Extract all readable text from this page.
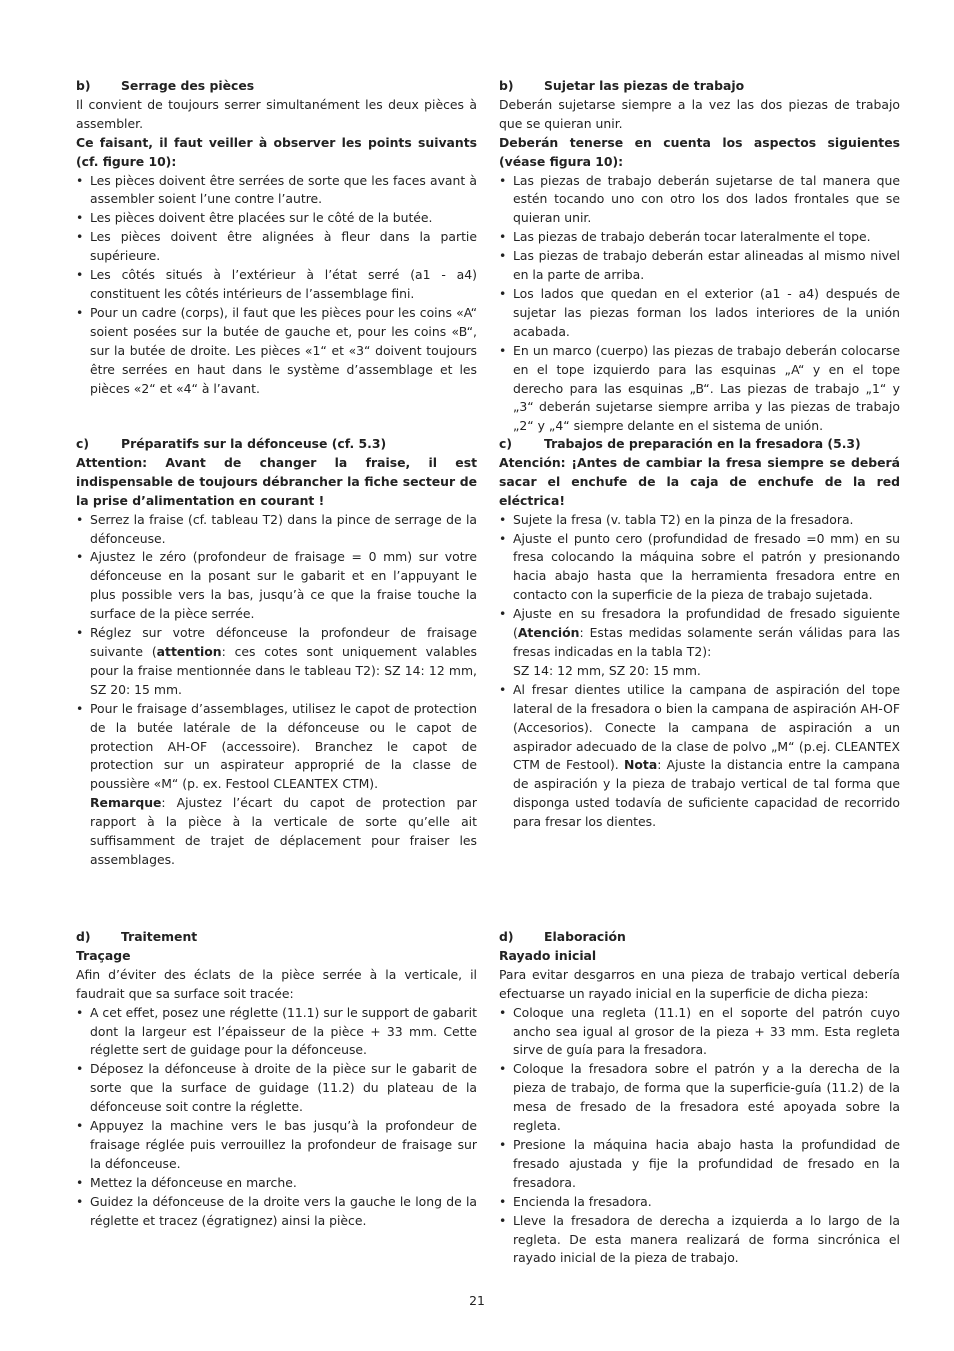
b)	Serrage des pièces

Il convient de toujours serrer simultanément les deux pièces à assembler.

Ce faisant, il faut veiller à observer les points suivants (cf. figure 10):

• Les pièces doivent être serrées de sorte que les faces avant à assembler soient l’une contre l’autre.
• Les pièces doivent être placées sur le côté de la butée.
• Les pièces doivent être alignées à fleur dans la partie supérieure.
• Les côtés situés à l’extérieur à l’état serré (a1 - a4) constituent les côtés intérieurs de l’assemblage fini.
• Pour un cadre (corps), il faut que les pièces pour les coins «A“ soient posées sur la butée de gauche et, pour les coins «B“, sur la butée de droite. Les pièces «1“ et «3“ doivent toujours être serrées en haut dans le système d’assemblage et les pièces «2“ et «4“ à l’avant.
c)	Préparatifs sur la défonceuse (cf. 5.3)

Attention: Avant de changer la fraise, il est indispensable de toujours débrancher la fiche secteur de la prise d’alimentation en courant !

• Serrez la fraise (cf. tableau T2) dans la pince de serrage de la défonceuse.
• Ajustez le zéro (profondeur de fraisage = 0 mm) sur votre défonceuse en la posant sur le gabarit et en l’appuyant le plus possible vers la bas, jusqu’à ce que la fraise touche la surface de la pièce serrée.
• Réglez sur votre défonceuse la profondeur de fraisage suivante (attention: ces cotes sont uniquement valables pour la fraise mentionnée dans le tableau T2): SZ 14: 12 mm, SZ 20: 15 mm.
• Pour le fraisage d’assemblages, utilisez le capot de protection de la butée latérale de la défonceuse ou le capot de protection AH-OF (accessoire). Branchez le capot de protection sur un aspirateur approprié de la classe de poussière «M“ (p. ex. Festool CLEANTEX CTM).

Remarque: Ajustez l’écart du capot de protection par rapport à la pièce à la verticale de sorte qu’elle ait suffisamment de trajet de déplacement pour fraiser les assemblages.

d)	Traitement

Traçage

Afin d’éviter des éclats de la pièce serrée à la verticale, il faudrait que sa surface soit tracée:

• A cet effet, posez une réglette (11.1) sur le support de gabarit dont la largeur est l’épaisseur de la pièce + 33 mm. Cette réglette sert de guidage pour la défonceuse.
• Déposez la défonceuse à droite de la pièce sur le gabarit de sorte que la surface de guidage (11.2) du plateau de la défonceuse soit contre la réglette.
• Appuyez la machine vers le bas jusqu’à la profondeur de fraisage réglée puis verrouillez la profondeur de fraisage sur la défonceuse.
• Mettez la défonceuse en marche.
• Guidez la défonceuse de la droite vers la gauche le long de la réglette et tracez (égratignez) ainsi la pièce.
b)	Sujetar las piezas de trabajo

Deberán sujetarse siempre a la vez las dos piezas de trabajo que se quieran unir.

Deberán tenerse en cuenta los aspectos siguientes (véase figura 10):

• Las piezas de trabajo deberán sujetarse de tal manera que estén tocando uno con otro los dos lados frontales que se quieran unir.
• Las piezas de trabajo deberán tocar lateralmente el tope.
• Las piezas de trabajo deberán estar alineadas al mismo nivel en la parte de arriba.
• Los lados que quedan en el exterior (a1 - a4) después de sujetar las piezas forman los lados interiores de la unión acabada.
• En un marco (cuerpo) las piezas de trabajo deberán colocarse en el tope izquierdo para las esquinas „A“ y en el tope derecho para las esquinas „B“. Las piezas de trabajo „1“ y „3“ deberán sujetarse siempre arriba y las piezas de trabajo „2“ y „4“ siempre delante en el sistema de unión.
c)	Trabajos de preparación en la fresadora (5.3)

Atención: ¡Antes de cambiar la fresa siempre se deberá sacar el enchufe de la caja de enchufe de la red eléctrica!

• Sujete la fresa (v. tabla T2) en la pinza de la fresadora.
• Ajuste el punto cero (profundidad de fresado =0 mm) en su fresa colocando la máquina sobre el patrón y presionando hacia abajo hasta que la herramienta fresadora entre en contacto con la superficie de la pieza de trabajo sujetada.
• Ajuste en su fresadora la profundidad de fresado siguiente (Atención: Estas medidas solamente serán válidas para las fresas indicadas en la tabla T2):
SZ 14: 12 mm, SZ 20: 15 mm.
• Al fresar dientes utilice la campana de aspiración del tope lateral de la fresadora o bien la campana de aspiración AH-OF (Accesorios). Conecte la campana de aspiración a un aspirador adecuado de la clase de polvo „M“ (p.ej. CLEANTEX CTM de Festool). Nota: Ajuste la distancia entre la campana de aspiración y la pieza de trabajo vertical de tal forma que disponga usted todavía de suficiente capacidad de recorrido para fresar los dientes.
d)	Elaboración

Rayado inicial

Para evitar desgarros en una pieza de trabajo vertical debería efectuarse un rayado inicial en la superficie de dicha pieza:

• Coloque una regleta (11.1) en el soporte del patrón cuyo ancho sea igual al grosor de la pieza + 33 mm. Esta regleta sirve de guía para la fresadora.
• Coloque la fresadora sobre el patrón y a la derecha de la pieza de trabajo, de forma que la superficie-guía (11.2) de la mesa de fresado de la fresadora esté apoyada sobre la regleta.
• Presione la máquina hacia abajo hasta la profundidad de fresado ajustada y fije la profundidad de fresado en la fresadora.
• Encienda la fresadora.
• Lleve la fresadora de derecha a izquierda a lo largo de la regleta. De esta manera realizará de forma sincrónica el rayado inicial de la pieza de trabajo.
21
